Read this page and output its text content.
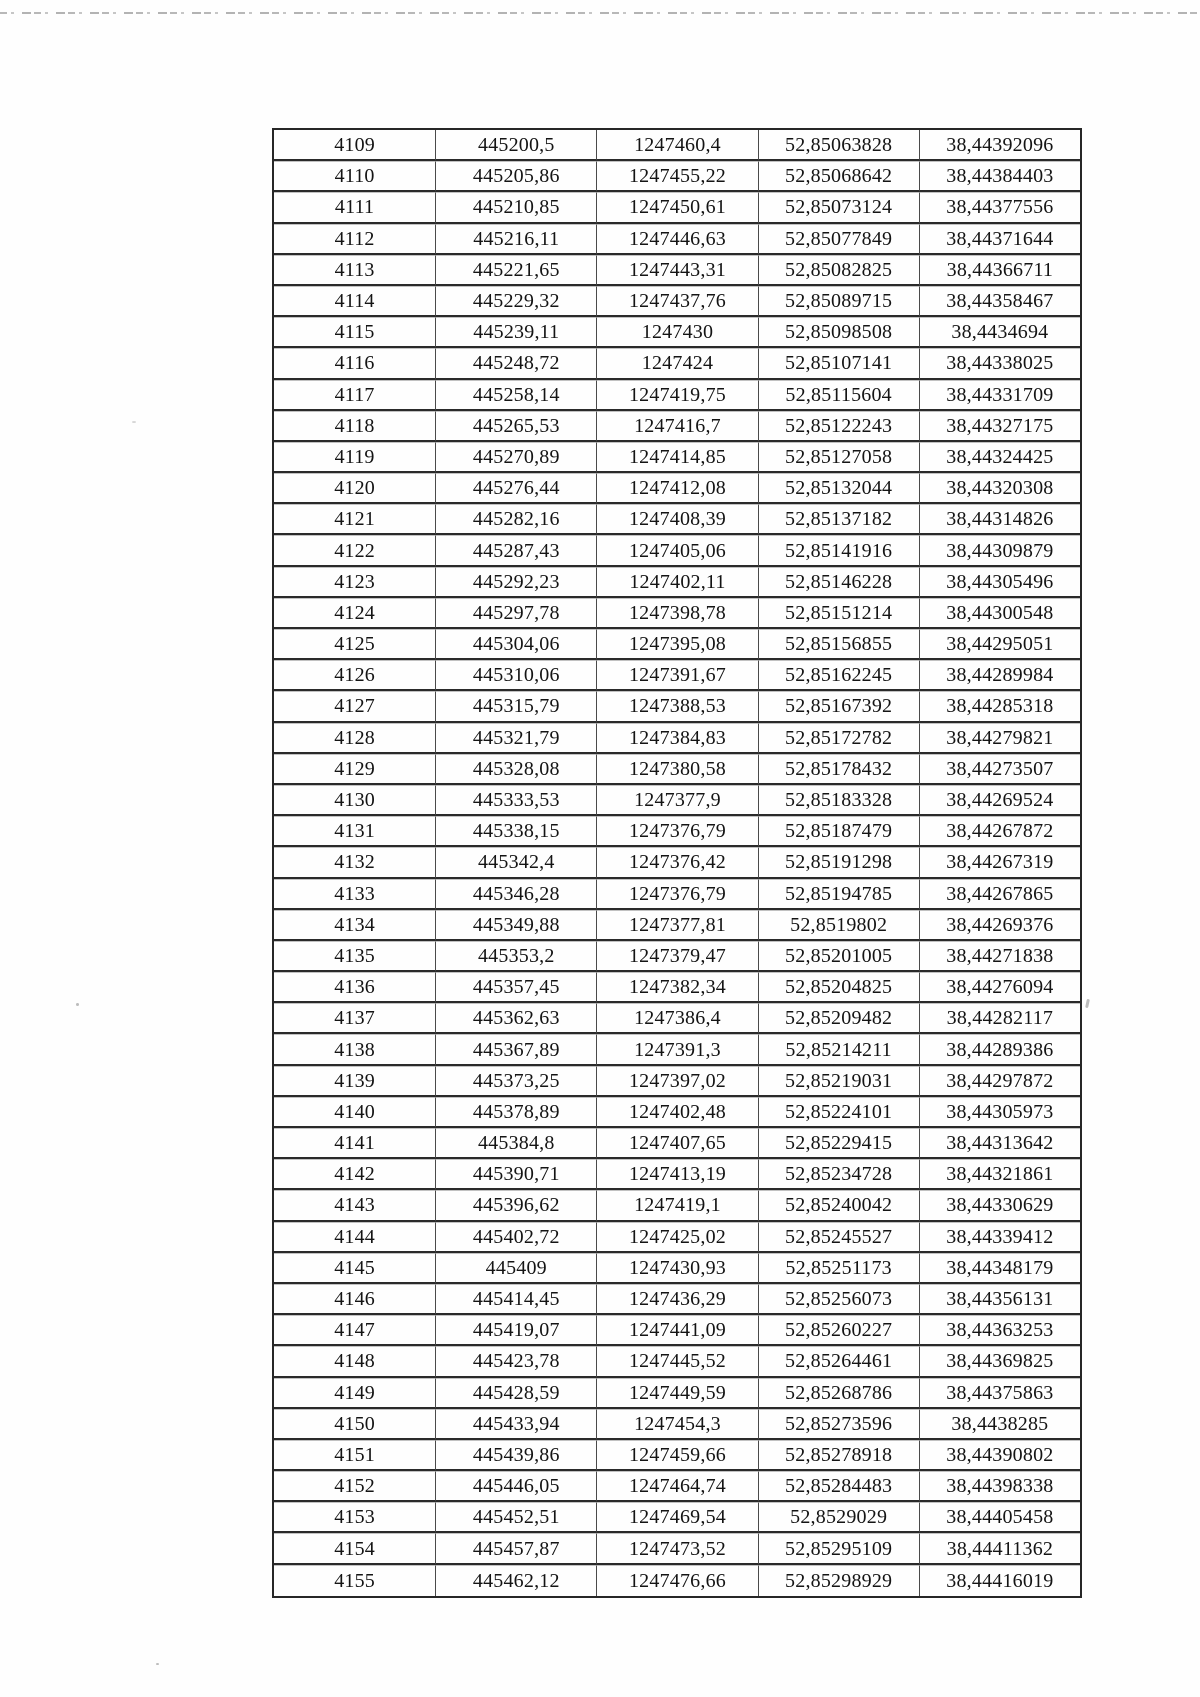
4109	445200,5	1247460,4	52,85063828	38,44392096
4110	445205,86	1247455,22	52,85068642	38,44384403
4111	445210,85	1247450,61	52,85073124	38,44377556
4112	445216,11	1247446,63	52,85077849	38,44371644
4113	445221,65	1247443,31	52,85082825	38,44366711
4114	445229,32	1247437,76	52,85089715	38,44358467
4115	445239,11	1247430	52,85098508	38,4434694
4116	445248,72	1247424	52,85107141	38,44338025
4117	445258,14	1247419,75	52,85115604	38,44331709
4118	445265,53	1247416,7	52,85122243	38,44327175
4119	445270,89	1247414,85	52,85127058	38,44324425
4120	445276,44	1247412,08	52,85132044	38,44320308
4121	445282,16	1247408,39	52,85137182	38,44314826
4122	445287,43	1247405,06	52,85141916	38,44309879
4123	445292,23	1247402,11	52,85146228	38,44305496
4124	445297,78	1247398,78	52,85151214	38,44300548
4125	445304,06	1247395,08	52,85156855	38,44295051
4126	445310,06	1247391,67	52,85162245	38,44289984
4127	445315,79	1247388,53	52,85167392	38,44285318
4128	445321,79	1247384,83	52,85172782	38,44279821
4129	445328,08	1247380,58	52,85178432	38,44273507
4130	445333,53	1247377,9	52,85183328	38,44269524
4131	445338,15	1247376,79	52,85187479	38,44267872
4132	445342,4	1247376,42	52,85191298	38,44267319
4133	445346,28	1247376,79	52,85194785	38,44267865
4134	445349,88	1247377,81	52,8519802	38,44269376
4135	445353,2	1247379,47	52,85201005	38,44271838
4136	445357,45	1247382,34	52,85204825	38,44276094
4137	445362,63	1247386,4	52,85209482	38,44282117
4138	445367,89	1247391,3	52,85214211	38,44289386
4139	445373,25	1247397,02	52,85219031	38,44297872
4140	445378,89	1247402,48	52,85224101	38,44305973
4141	445384,8	1247407,65	52,85229415	38,44313642
4142	445390,71	1247413,19	52,85234728	38,44321861
4143	445396,62	1247419,1	52,85240042	38,44330629
4144	445402,72	1247425,02	52,85245527	38,44339412
4145	445409	1247430,93	52,85251173	38,44348179
4146	445414,45	1247436,29	52,85256073	38,44356131
4147	445419,07	1247441,09	52,85260227	38,44363253
4148	445423,78	1247445,52	52,85264461	38,44369825
4149	445428,59	1247449,59	52,85268786	38,44375863
4150	445433,94	1247454,3	52,85273596	38,4438285
4151	445439,86	1247459,66	52,85278918	38,44390802
4152	445446,05	1247464,74	52,85284483	38,44398338
4153	445452,51	1247469,54	52,8529029	38,44405458
4154	445457,87	1247473,52	52,85295109	38,44411362
4155	445462,12	1247476,66	52,85298929	38,44416019
